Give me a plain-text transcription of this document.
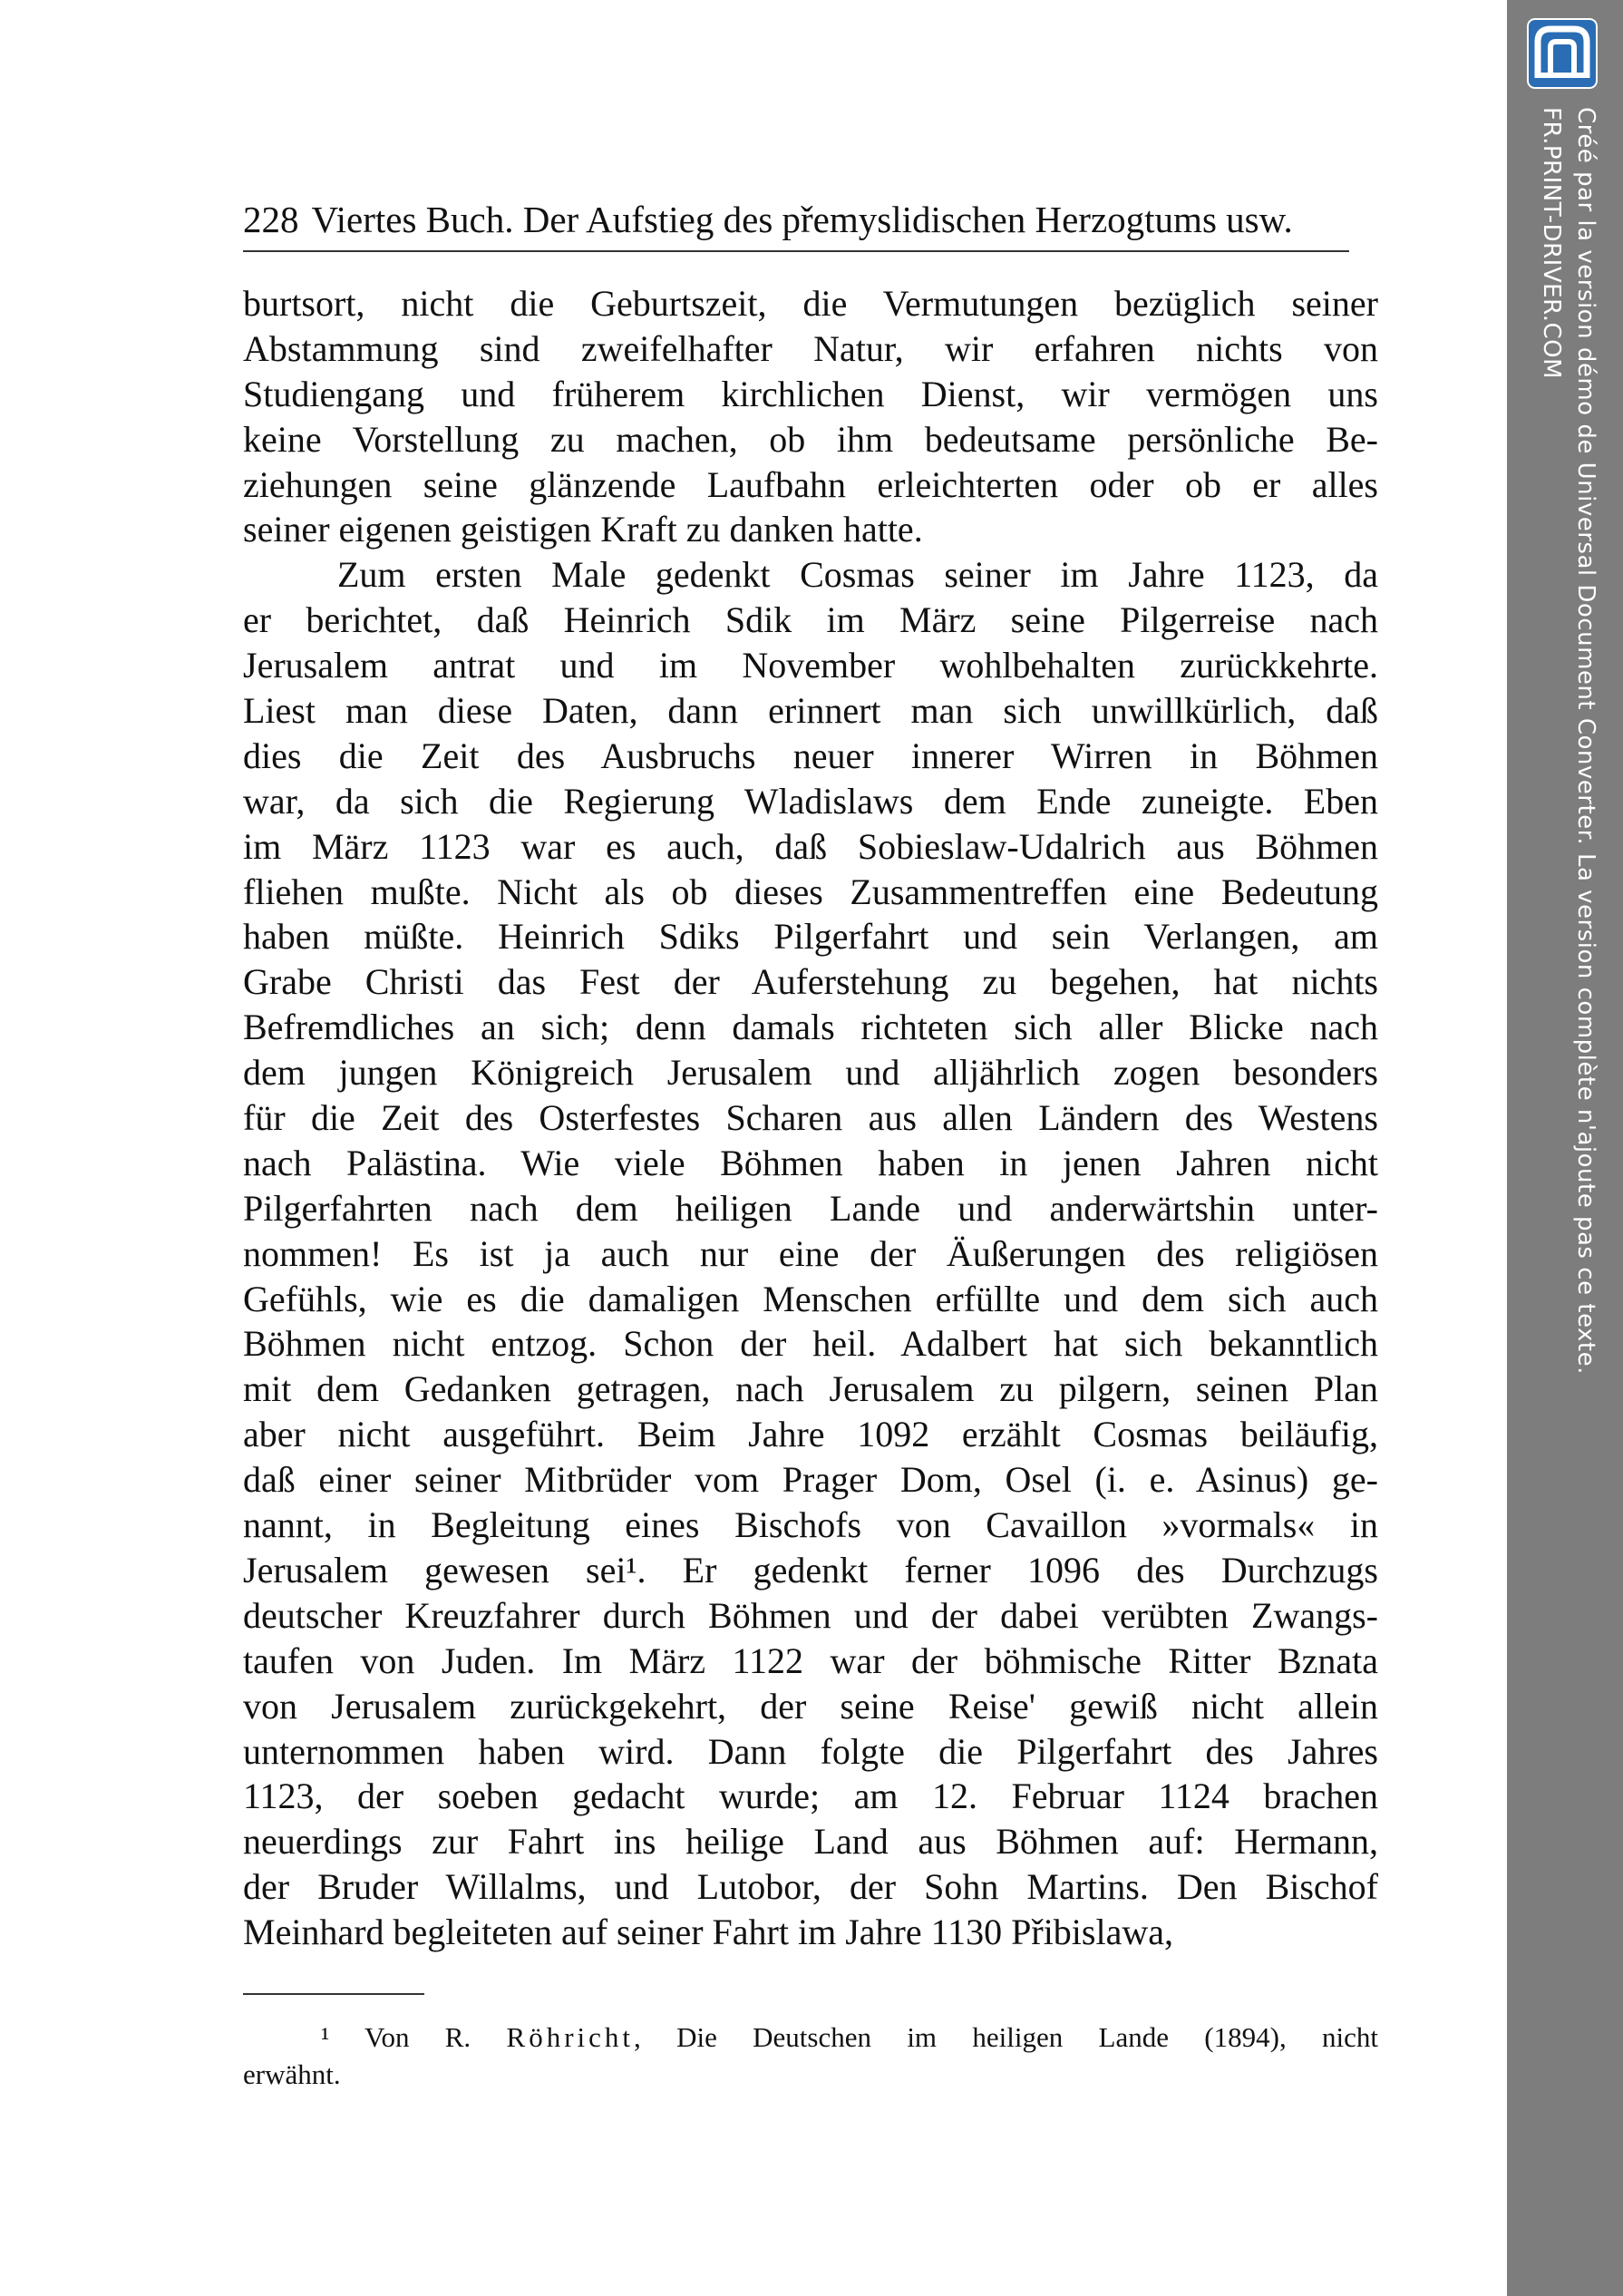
228 Viertes Buch. Der Aufstieg des přemyslidischen Herzogtums usw.
burtsort, nicht die Geburtszeit, die Vermutungen bezüglich seiner
Abstammung sind zweifelhafter Natur, wir erfahren nichts von
Studiengang und früherem kirchlichen Dienst, wir vermögen uns
keine Vorstellung zu machen, ob ihm bedeutsame persönliche Be-
ziehungen seine glänzende Laufbahn erleichterten oder ob er alles
seiner eigenen geistigen Kraft zu danken hatte.
Zum ersten Male gedenkt Cosmas seiner im Jahre 1123, da
er berichtet, daß Heinrich Sdik im März seine Pilgerreise nach
Jerusalem antrat und im November wohlbehalten zurückkehrte.
Liest man diese Daten, dann erinnert man sich unwillkürlich, daß
dies die Zeit des Ausbruchs neuer innerer Wirren in Böhmen
war, da sich die Regierung Wladislaws dem Ende zuneigte. Eben
im März 1123 war es auch, daß Sobieslaw-Udalrich aus Böhmen
fliehen mußte. Nicht als ob dieses Zusammentreffen eine Bedeutung
haben müßte. Heinrich Sdiks Pilgerfahrt und sein Verlangen, am
Grabe Christi das Fest der Auferstehung zu begehen, hat nichts
Befremdliches an sich; denn damals richteten sich aller Blicke nach
dem jungen Königreich Jerusalem und alljährlich zogen besonders
für die Zeit des Osterfestes Scharen aus allen Ländern des Westens
nach Palästina. Wie viele Böhmen haben in jenen Jahren nicht
Pilgerfahrten nach dem heiligen Lande und anderwärtshin unter-
nommen! Es ist ja auch nur eine der Äußerungen des religiösen
Gefühls, wie es die damaligen Menschen erfüllte und dem sich auch
Böhmen nicht entzog. Schon der heil. Adalbert hat sich bekanntlich
mit dem Gedanken getragen, nach Jerusalem zu pilgern, seinen Plan
aber nicht ausgeführt. Beim Jahre 1092 erzählt Cosmas beiläufig,
daß einer seiner Mitbrüder vom Prager Dom, Osel (i. e. Asinus) ge-
nannt, in Begleitung eines Bischofs von Cavaillon »vormals« in
Jerusalem gewesen sei¹. Er gedenkt ferner 1096 des Durchzugs
deutscher Kreuzfahrer durch Böhmen und der dabei verübten Zwangs-
taufen von Juden. Im März 1122 war der böhmische Ritter Bznata
von Jerusalem zurückgekehrt, der seine Reise' gewiß nicht allein
unternommen haben wird. Dann folgte die Pilgerfahrt des Jahres
1123, der soeben gedacht wurde; am 12. Februar 1124 brachen
neuerdings zur Fahrt ins heilige Land aus Böhmen auf: Hermann,
der Bruder Willalms, und Lutobor, der Sohn Martins. Den Bischof
Meinhard begleiteten auf seiner Fahrt im Jahre 1130 Přibislawa,
¹ Von R. Röhricht, Die Deutschen im heiligen Lande (1894), nicht
erwähnt.
Créé par la version démo de Universal Document Converter. La version complète n'ajoute pas ce texte.
FR.PRINT-DRIVER.COM
